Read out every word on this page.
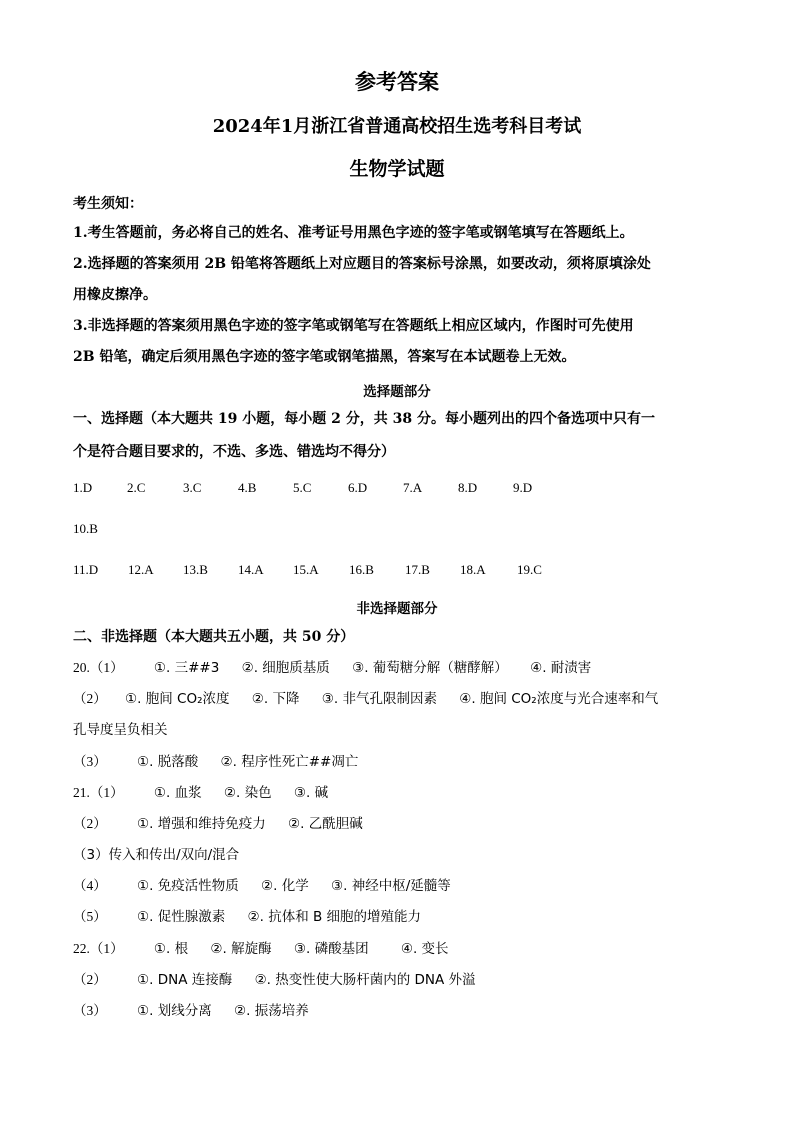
参考答案
2024年1月浙江省普通高校招生选考科目考试
生物学试题
考生须知：
1.考生答题前，务必将自己的姓名、准考证号用黑色字迹的签字笔或钢笔填写在答题纸上。
2.选择题的答案须用 2B 铅笔将答题纸上对应题目的答案标号涂黑，如要改动，须将原填涂处
用橡皮擦净。
3.非选择题的答案须用黑色字迹的签字笔或钢笔写在答题纸上相应区域内，作图时可先使用
2B 铅笔，确定后须用黑色字迹的签字笔或钢笔描黑，答案写在本试题卷上无效。
选择题部分
一、选择题（本大题共 19 小题，每小题 2 分，共 38 分。每小题列出的四个备选项中只有一
个是符合题目要求的，不选、多选、错选均不得分）
1.D	2.C	3.C	4.B	5.C	6.D	7.A	8.D	9.D
10.B
11.D 12.A 13.B 14.A 15.A 16.B 17.B 18.A 19.C
非选择题部分
二、非选择题（本大题共五小题，共 50 分）
20.（1） ①. 三##3 ②. 细胞质基质 ③. 葡萄糖分解（糖酵解） ④. 耐渍害
（2） ①. 胞间 CO₂浓度 ②. 下降 ③. 非气孔限制因素 ④. 胞间 CO₂浓度与光合速率和气
孔导度呈负相关
（3） ①. 脱落酸 ②. 程序性死亡##凋亡
21.（1） ①. 血浆 ②. 染色 ③. 碱
（2） ①. 增强和维持免疫力 ②. 乙酰胆碱
（3）传入和传出/双向/混合
（4） ①. 免疫活性物质 ②. 化学 ③. 神经中枢/延髓等
（5） ①. 促性腺激素 ②. 抗体和 B 细胞的增殖能力
22.（1） ①. 根 ②. 解旋酶 ③. 磷酸基团 ④. 变长
（2） ①. DNA 连接酶 ②. 热变性使大肠杆菌内的 DNA 外溢
（3） ①. 划线分离 ②. 振荡培养
